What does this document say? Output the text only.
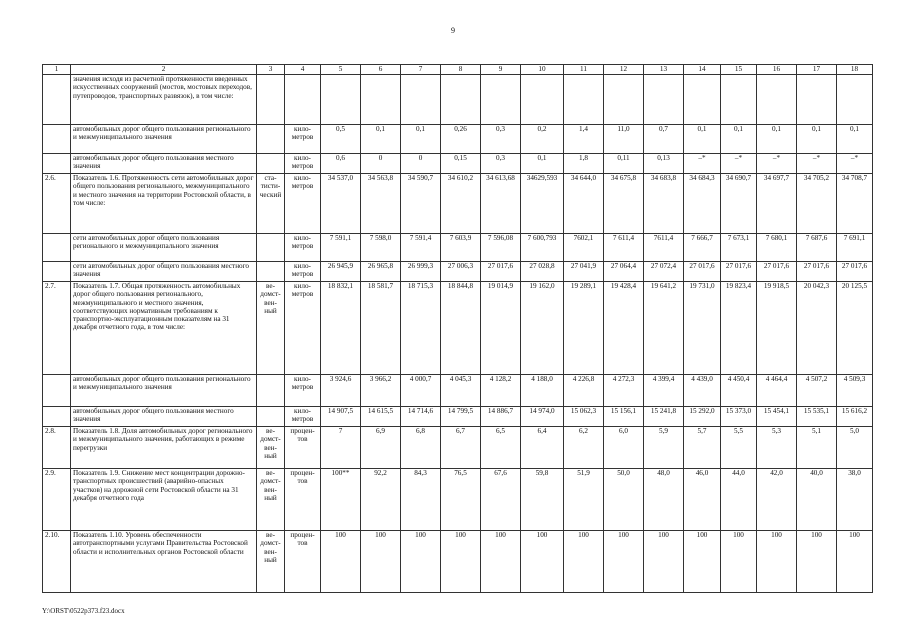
9
1	2	3	4	5	6	7	8	9	10	11	12	13	14	15	16	17	18
	значения исходя из расчетной протяженности введенных искусственных сооружений (мостов, мостовых переходов, путепроводов, транспортных развязок), в том числе:																
	автомобильных дорог общего пользования регионального и межмуниципального значения		кило-метров	0,5	0,1	0,1	0,26	0,3	0,2	1,4	11,0	0,7	0,1	0,1	0,1	0,1	0,1
	автомобильных дорог общего пользования местного значения		кило-метров	0,6	0	0	0,15	0,3	0,1	1,8	0,11	0,13	–*	–*	–*	–*	–*
2.6.	Показатель 1.6. Протяженность сети автомобильных дорог общего пользования регионального, межмуниципального и местного значения на территории Ростовской области, в том числе:	ста-тисти-ческий	кило-метров	34 537,0	34 563,8	34 590,7	34 610,2	34 613,68	34629,593	34 644,0	34 675,8	34 683,8	34 684,3	34 690,7	34 697,7	34 705,2	34 708,7
	сети автомобильных дорог общего пользования регионального и межмуниципального значения		кило-метров	7 591,1	7 598,0	7 591,4	7 603,9	7 596,08	7 600,793	7602,1	7 611,4	7611,4	7 666,7	7 673,1	7 680,1	7 687,6	7 691,1
	сети автомобильных дорог общего пользования местного значения		кило-метров	26 945,9	26 965,8	26 999,3	27 006,3	27 017,6	27 028,8	27 041,9	27 064,4	27 072,4	27 017,6	27 017,6	27 017,6	27 017,6	27 017,6
2.7.	Показатель 1.7. Общая протяженность автомобильных дорог общего пользования регионального, межмуниципального и местного значения, соответствующих нормативным требованиям к транспортно-эксплуатационным показателям на 31 декабря отчетного года, в том числе:	ве-домст-вен-ный	кило-метров	18 832,1	18 581,7	18 715,3	18 844,8	19 014,9	19 162,0	19 289,1	19 428,4	19 641,2	19 731,0	19 823,4	19 918,5	20 042,3	20 125,5
	автомобильных дорог общего пользования регионального и межмуниципального значения		кило-метров	3 924,6	3 966,2	4 000,7	4 045,3	4 128,2	4 188,0	4 226,8	4 272,3	4 399,4	4 439,0	4 450,4	4 464,4	4 507,2	4 509,3
	автомобильных дорог общего пользования местного значения		кило-метров	14 907,5	14 615,5	14 714,6	14 799,5	14 886,7	14 974,0	15 062,3	15 156,1	15 241,8	15 292,0	15 373,0	15 454,1	15 535,1	15 616,2
2.8.	Показатель 1.8. Доля автомобильных дорог регионального и межмуниципального значения, работающих в режиме перегрузки	ве-домст-вен-ный	процен-тов	7	6,9	6,8	6,7	6,5	6,4	6,2	6,0	5,9	5,7	5,5	5,3	5,1	5,0
2.9.	Показатель 1.9. Снижение мест концентрации дорожно-транспортных происшествий (аварийно-опасных участков) на дорожной сети Ростовской области на 31 декабря отчетного года	ве-домст-вен-ный	процен-тов	100**	92,2	84,3	76,5	67,6	59,8	51,9	50,0	48,0	46,0	44,0	42,0	40,0	38,0
2.10.	Показатель 1.10. Уровень обеспеченности автотранспортными услугами Правительства Ростовской области и исполнительных органов Ростовской области	ве-домст-вен-ный	процен-тов	100	100	100	100	100	100	100	100	100	100	100	100	100	100
Y:\ORST\0522p373.f23.docx
